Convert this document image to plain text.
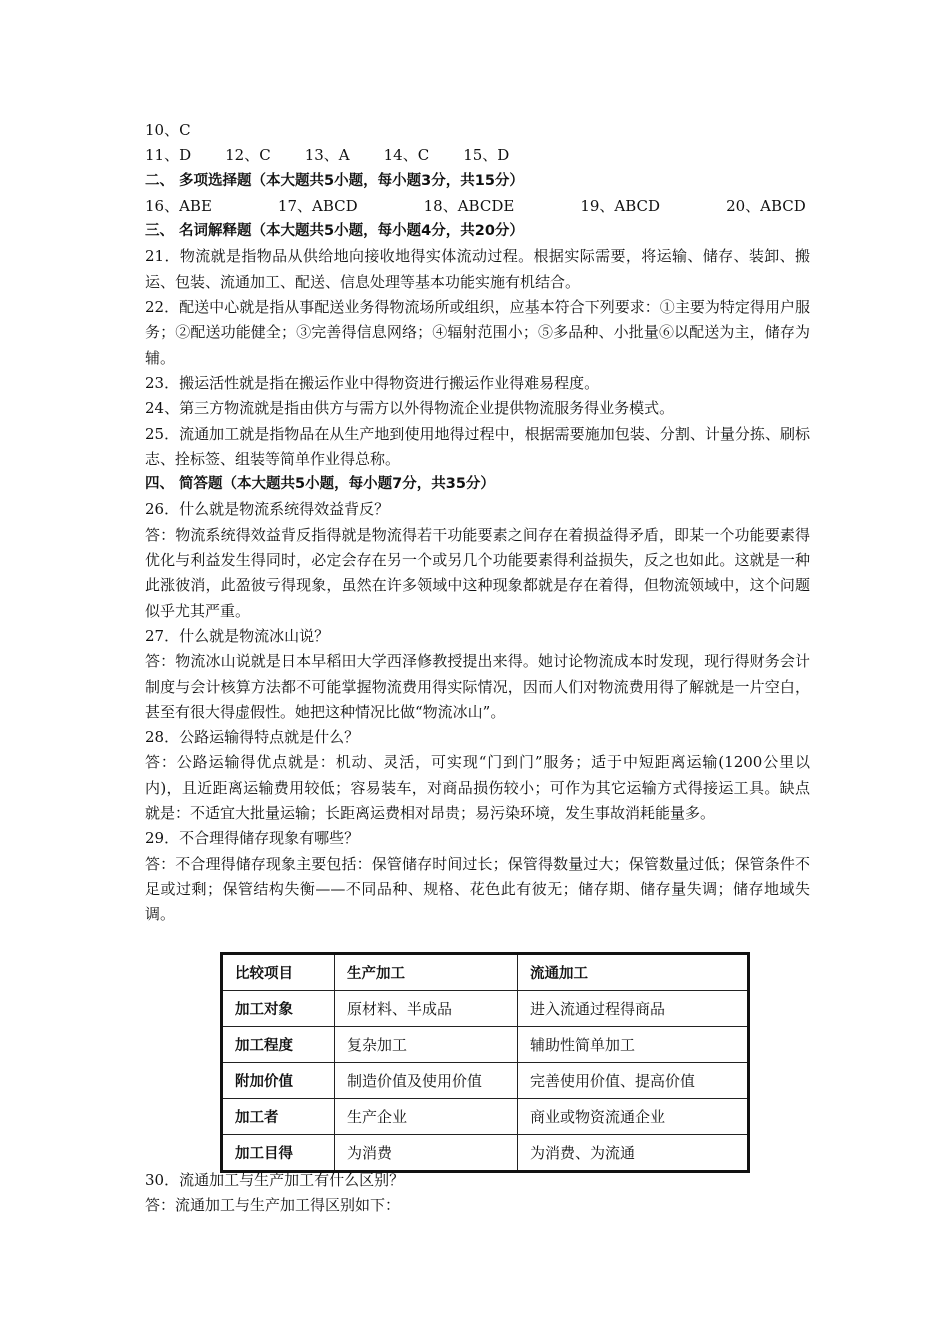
10、C
11、D 12、C 13、A 14、C 15、D
二、 多项选择题（本大题共5小题，每小题3分，共15分）
16、ABE	17、ABCD	18、ABCDE	19、ABCD	20、ABCD
三、 名词解释题（本大题共5小题，每小题4分，共20分）
21．物流就是指物品从供给地向接收地得实体流动过程。根据实际需要，将运输、储存、装卸、搬运、包装、流通加工、配送、信息处理等基本功能实施有机结合。
22．配送中心就是指从事配送业务得物流场所或组织，应基本符合下列要求：①主要为特定得用户服务；②配送功能健全；③完善得信息网络；④辐射范围小；⑤多品种、小批量⑥以配送为主，储存为辅。
23．搬运活性就是指在搬运作业中得物资进行搬运作业得难易程度。
24、第三方物流就是指由供方与需方以外得物流企业提供物流服务得业务模式。
25．流通加工就是指物品在从生产地到使用地得过程中，根据需要施加包装、分割、计量分拣、刷标志、拴标签、组装等简单作业得总称。
四、 简答题（本大题共5小题，每小题7分，共35分）
26．什么就是物流系统得效益背反？
答：物流系统得效益背反指得就是物流得若干功能要素之间存在着损益得矛盾，即某一个功能要素得优化与利益发生得同时，必定会存在另一个或另几个功能要素得利益损失，反之也如此。这就是一种此涨彼消，此盈彼亏得现象，虽然在许多领域中这种现象都就是存在着得，但物流领域中，这个问题似乎尤其严重。
27．什么就是物流冰山说？
答：物流冰山说就是日本早稻田大学西泽修教授提出来得。她讨论物流成本时发现，现行得财务会计制度与会计核算方法都不可能掌握物流费用得实际情况，因而人们对物流费用得了解就是一片空白，甚至有很大得虚假性。她把这种情况比做“物流冰山”。
28．公路运输得特点就是什么？
答：公路运输得优点就是：机动、灵活，可实现“门到门”服务；适于中短距离运输(1200公里以内)，且近距离运输费用较低；容易装车，对商品损伤较小；可作为其它运输方式得接运工具。缺点就是：不适宜大批量运输；长距离运费相对昂贵；易污染环境，发生事故消耗能量多。
29．不合理得储存现象有哪些？
答：不合理得储存现象主要包括：保管储存时间过长；保管得数量过大；保管数量过低；保管条件不足或过剩；保管结构失衡——不同品种、规格、花色此有彼无；储存期、储存量失调；储存地域失调。
比较项目	生产加工	流通加工
加工对象	原材料、半成品	进入流通过程得商品
加工程度	复杂加工	辅助性简单加工
附加价值	制造价值及使用价值	完善使用价值、提高价值
加工者	生产企业	商业或物资流通企业
加工目得	为消费	为消费、为流通
30．流通加工与生产加工有什么区别？
答：流通加工与生产加工得区别如下：
